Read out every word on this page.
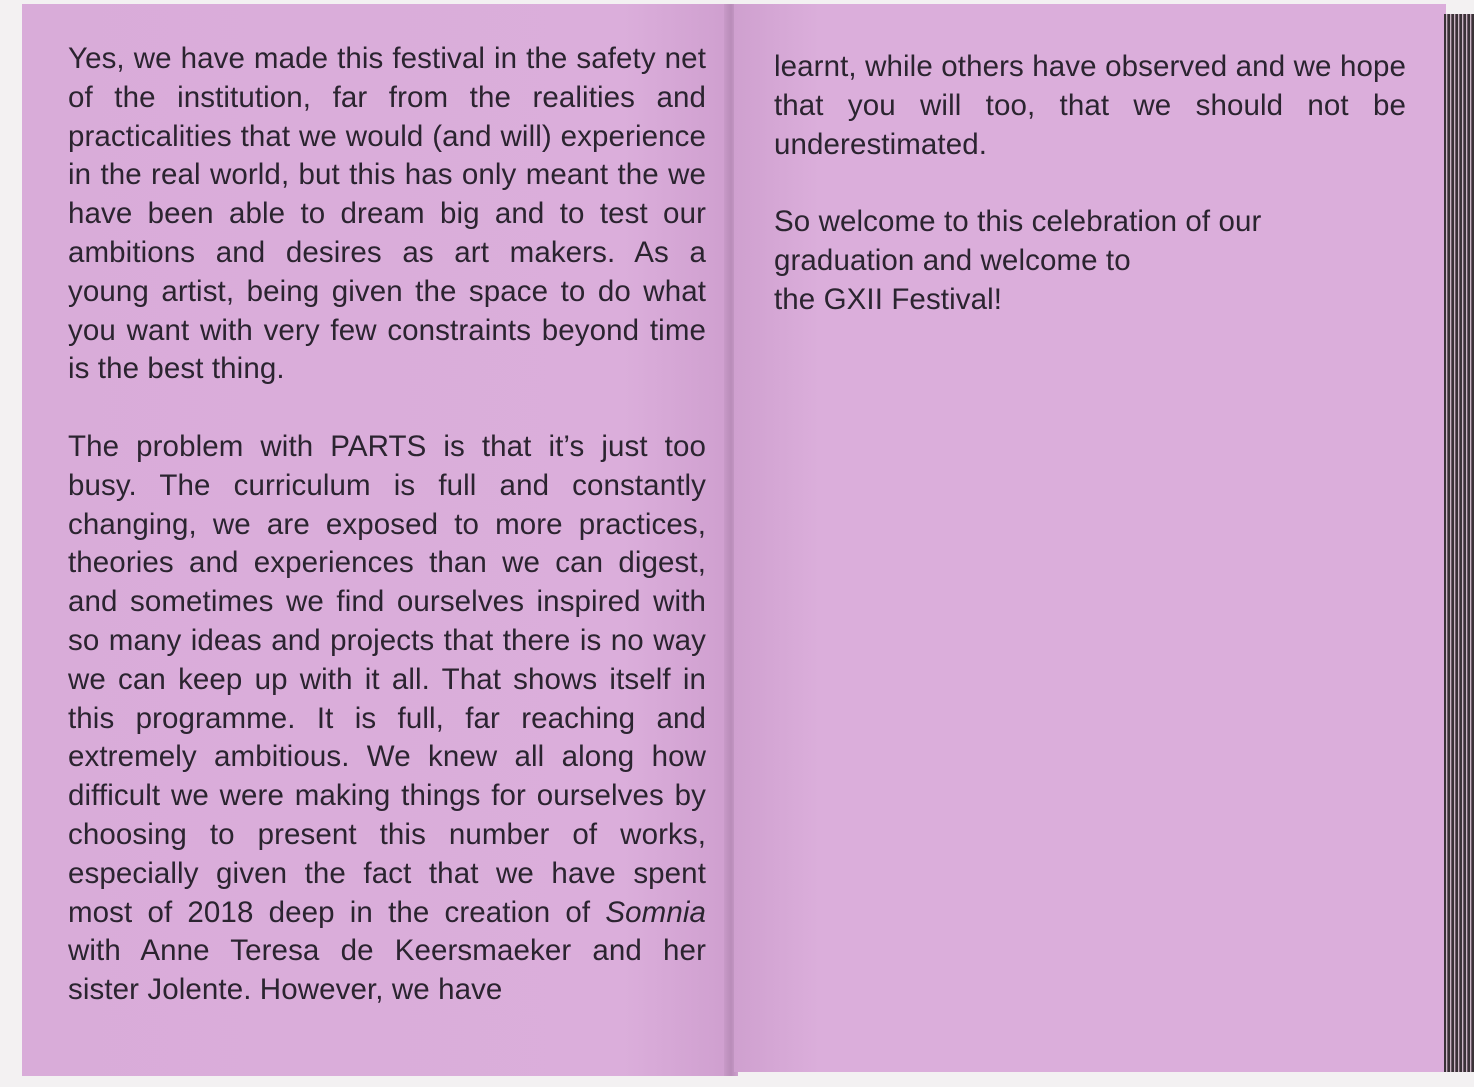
Yes, we have made this festival in the safety net of the institution, far from the realities and practicalities that we would (and will) experience in the real world, but this has only meant the we have been able to dream big and to test our ambitions and desires as art makers. As a young artist, being given the space to do what you want with very few constraints beyond time is the best thing.

The problem with PARTS is that it’s just too busy. The curriculum is full and constantly changing, we are exposed to more practices, theories and experiences than we can digest, and sometimes we find ourselves inspired with so many ideas and projects that there is no way we can keep up with it all. That shows itself in this programme. It is full, far reaching and extremely ambitious. We knew all along how difficult we were making things for ourselves by choosing to present this number of works, especially given the fact that we have spent most of 2018 deep in the creation of Somnia with Anne Teresa de Keersmaeker and her sister Jolente. However, we have

learnt, while others have observed and we hope that you will too, that we should not be underestimated.

So welcome to this celebration of our
graduation and welcome to
the GXII Festival!
